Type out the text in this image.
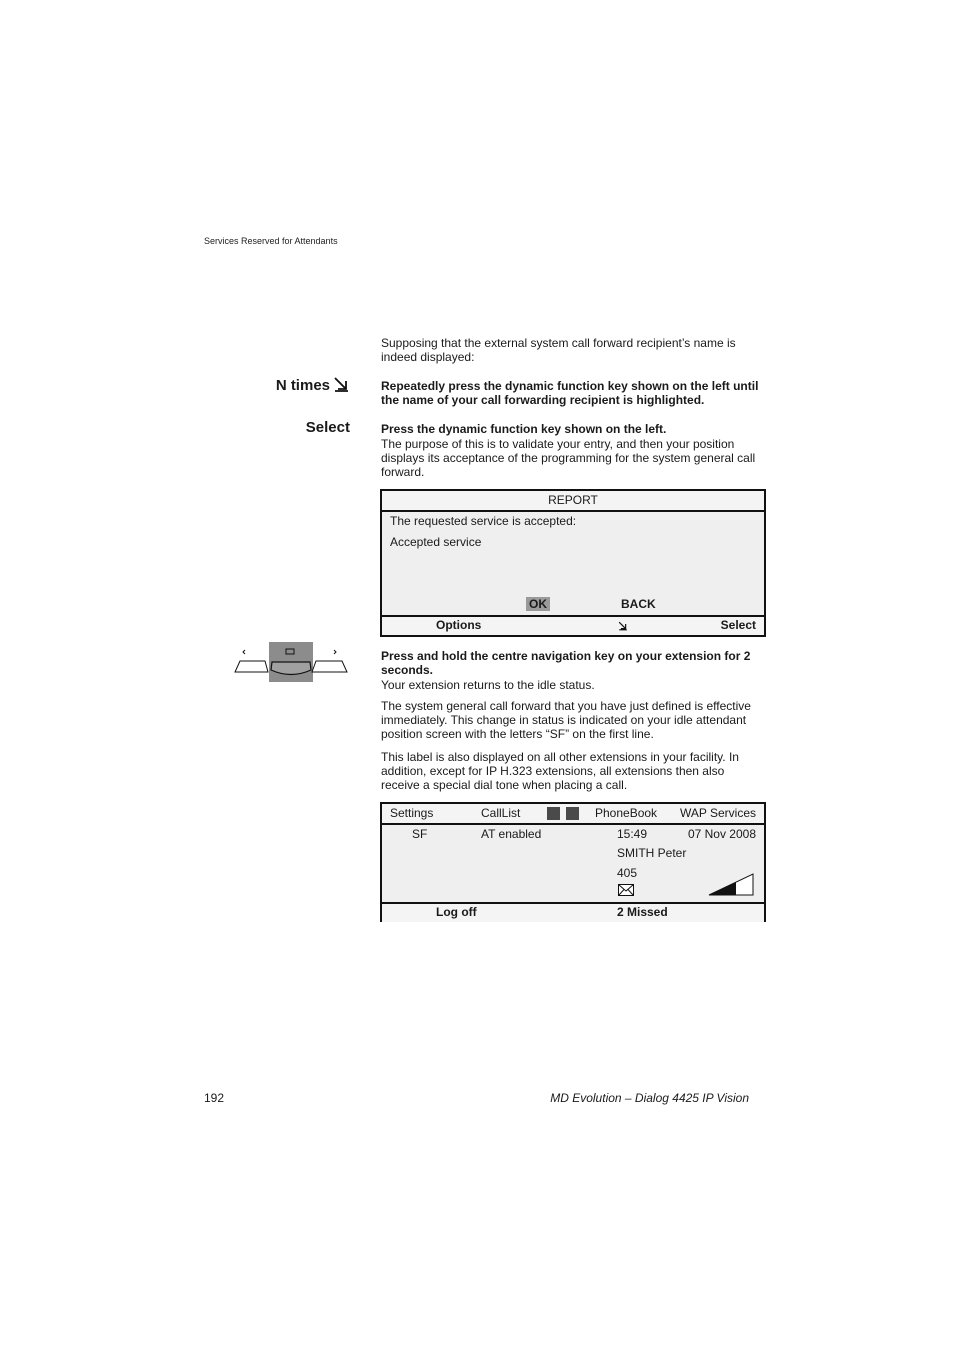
Services Reserved for Attendants
Supposing that the external system call forward recipient’s name is indeed displayed:
N times	Repeatedly press the dynamic function key shown on the left until the name of your call forwarding recipient is highlighted.
Select	Press the dynamic function key shown on the left.
The purpose of this is to validate your entry, and then your position displays its acceptance of the programming for the system general call forward.
REPORT
The requested service is accepted:
Accepted service
OK	BACK
Options	Select
Press and hold the centre navigation key on your extension for 2 seconds.
Your extension returns to the idle status.
The system general call forward that you have just defined is effective immediately. This change in status is indicated on your idle attendant position screen with the letters “SF” on the first line.
This label is also displayed on all other extensions in your facility. In addition, except for IP H.323 extensions, all extensions then also receive a special dial tone when placing a call.
Settings	CallList	PhoneBook WAP Services
SF	AT enabled	15:49	07 Nov 2008
SMITH Peter
405
Log off	2 Missed
192	MD Evolution – Dialog 4425 IP Vision
